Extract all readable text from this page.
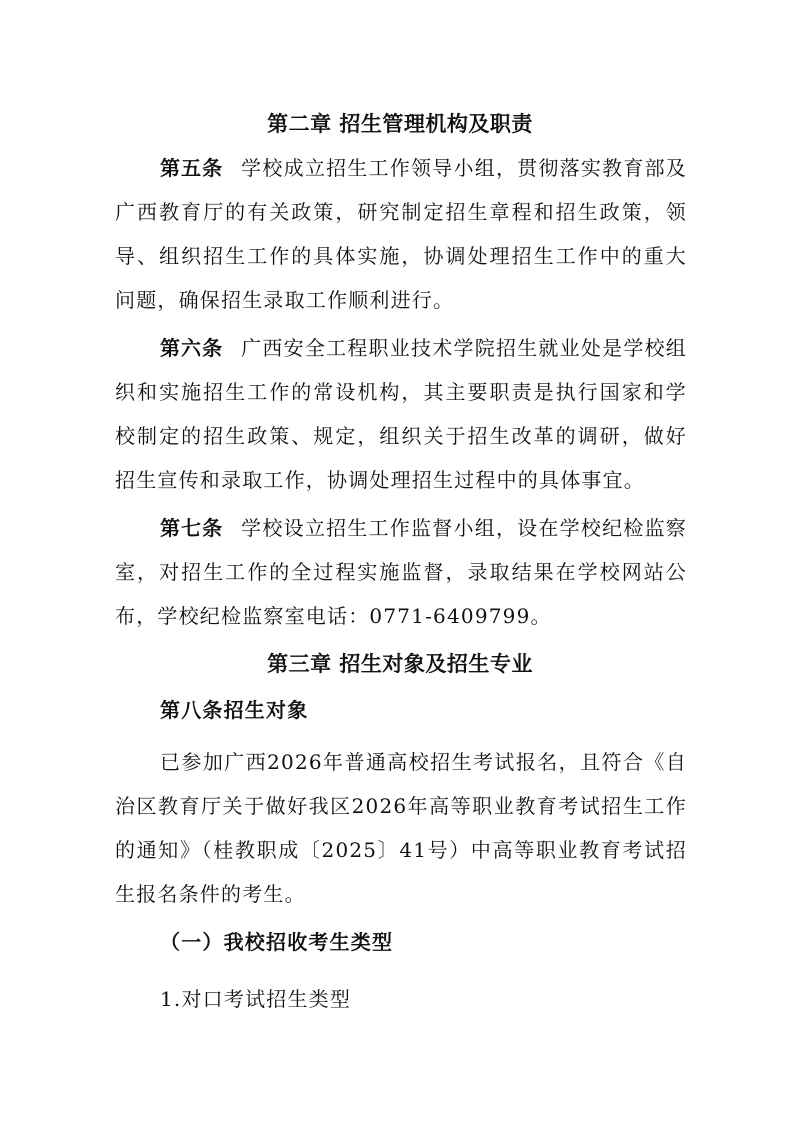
第二章 招生管理机构及职责

第五条 学校成立招生工作领导小组，贯彻落实教育部及广西教育厅的有关政策，研究制定招生章程和招生政策，领导、组织招生工作的具体实施，协调处理招生工作中的重大问题，确保招生录取工作顺利进行。

第六条 广西安全工程职业技术学院招生就业处是学校组织和实施招生工作的常设机构，其主要职责是执行国家和学校制定的招生政策、规定，组织关于招生改革的调研，做好招生宣传和录取工作，协调处理招生过程中的具体事宜。

第七条 学校设立招生工作监督小组，设在学校纪检监察室，对招生工作的全过程实施监督，录取结果在学校网站公布，学校纪检监察室电话：0771-6409799。

第三章 招生对象及招生专业

第八条招生对象

已参加广西2026年普通高校招生考试报名，且符合《自治区教育厅关于做好我区2026年高等职业教育考试招生工作的通知》（桂教职成〔2025〕41号）中高等职业教育考试招生报名条件的考生。

（一）我校招收考生类型

1.对口考试招生类型
